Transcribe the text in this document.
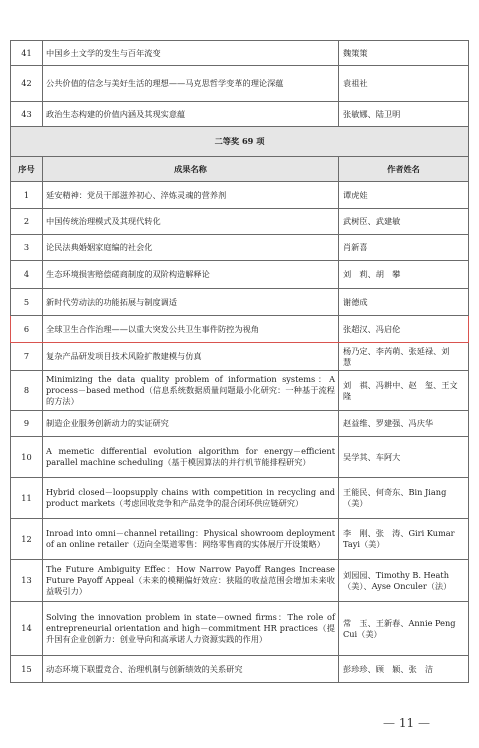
41	中国乡土文学的发生与百年流变	魏策策
42	公共价值的信念与美好生活的理想——马克思哲学变革的理论深蕴	袁祖社
43	政治生态构建的价值内涵及其现实意蕴	张敏娜、陆卫明
二等奖 69 项		
序号	成果名称	作者姓名
1	延安精神：党员干部滋养初心、淬炼灵魂的营养剂	谭虎娃
2	中国传统治理模式及其现代转化	武树臣、武建敏
3	论民法典婚姻家庭编的社会化	肖新喜
4	生态环境损害赔偿磋商制度的双阶构造解释论	刘　莉、胡　攀
5	新时代劳动法的功能拓展与制度调适	谢德成
6	全球卫生合作治理——以重大突发公共卫生事件防控为视角	张超汉、冯启伦
7	复杂产品研发项目技术风险扩散建模与仿真	杨乃定、李芮萌、张延禄、刘　慧
8	Minimizing the data quality problem of information systems：A process－based method（信息系统数据质量问题最小化研究：一种基于流程的方法）	刘　祺、冯耕中、赵　玺、王文隆
9	制造企业服务创新动力的实证研究	赵益维、罗建强、冯庆华
10	A memetic differential evolution algorithm for energy－efficient parallel machine scheduling（基于模因算法的并行机节能排程研究）	吴学其、车阿大
11	Hybrid closed－loopsupply chains with competition in recycling and product markets（考虑回收竞争和产品竞争的混合闭环供应链研究）	王能民、何奇东、Bin Jiang（美）
12	Inroad into omni－channel retailing：Physical showroom deployment of an online retailer（迈向全渠道零售：网络零售商的实体展厅开设策略）	李　刚、张　涛、Giri Kumar Tayi（美）
13	The Future Ambiguity Effec：How Narrow Payoff Ranges Increase Future Payoff Appeal（未来的模糊偏好效应：狭隘的收益范围会增加未来收益吸引力）	刘园园、Timothy B. Heath（美）、Ayse Onculer（法）
14	Solving the innovation problem in state－owned firms：The role of entrepreneurial orientation and high－commitment HR practices（提升国有企业创新力：创业导向和高承诺人力资源实践的作用）	常　玉、王新春、Annie Peng Cui（美）
15	动态环境下联盟竞合、治理机制与创新绩效的关系研究	彭珍珍、顾　颖、张　洁
— 11 —
